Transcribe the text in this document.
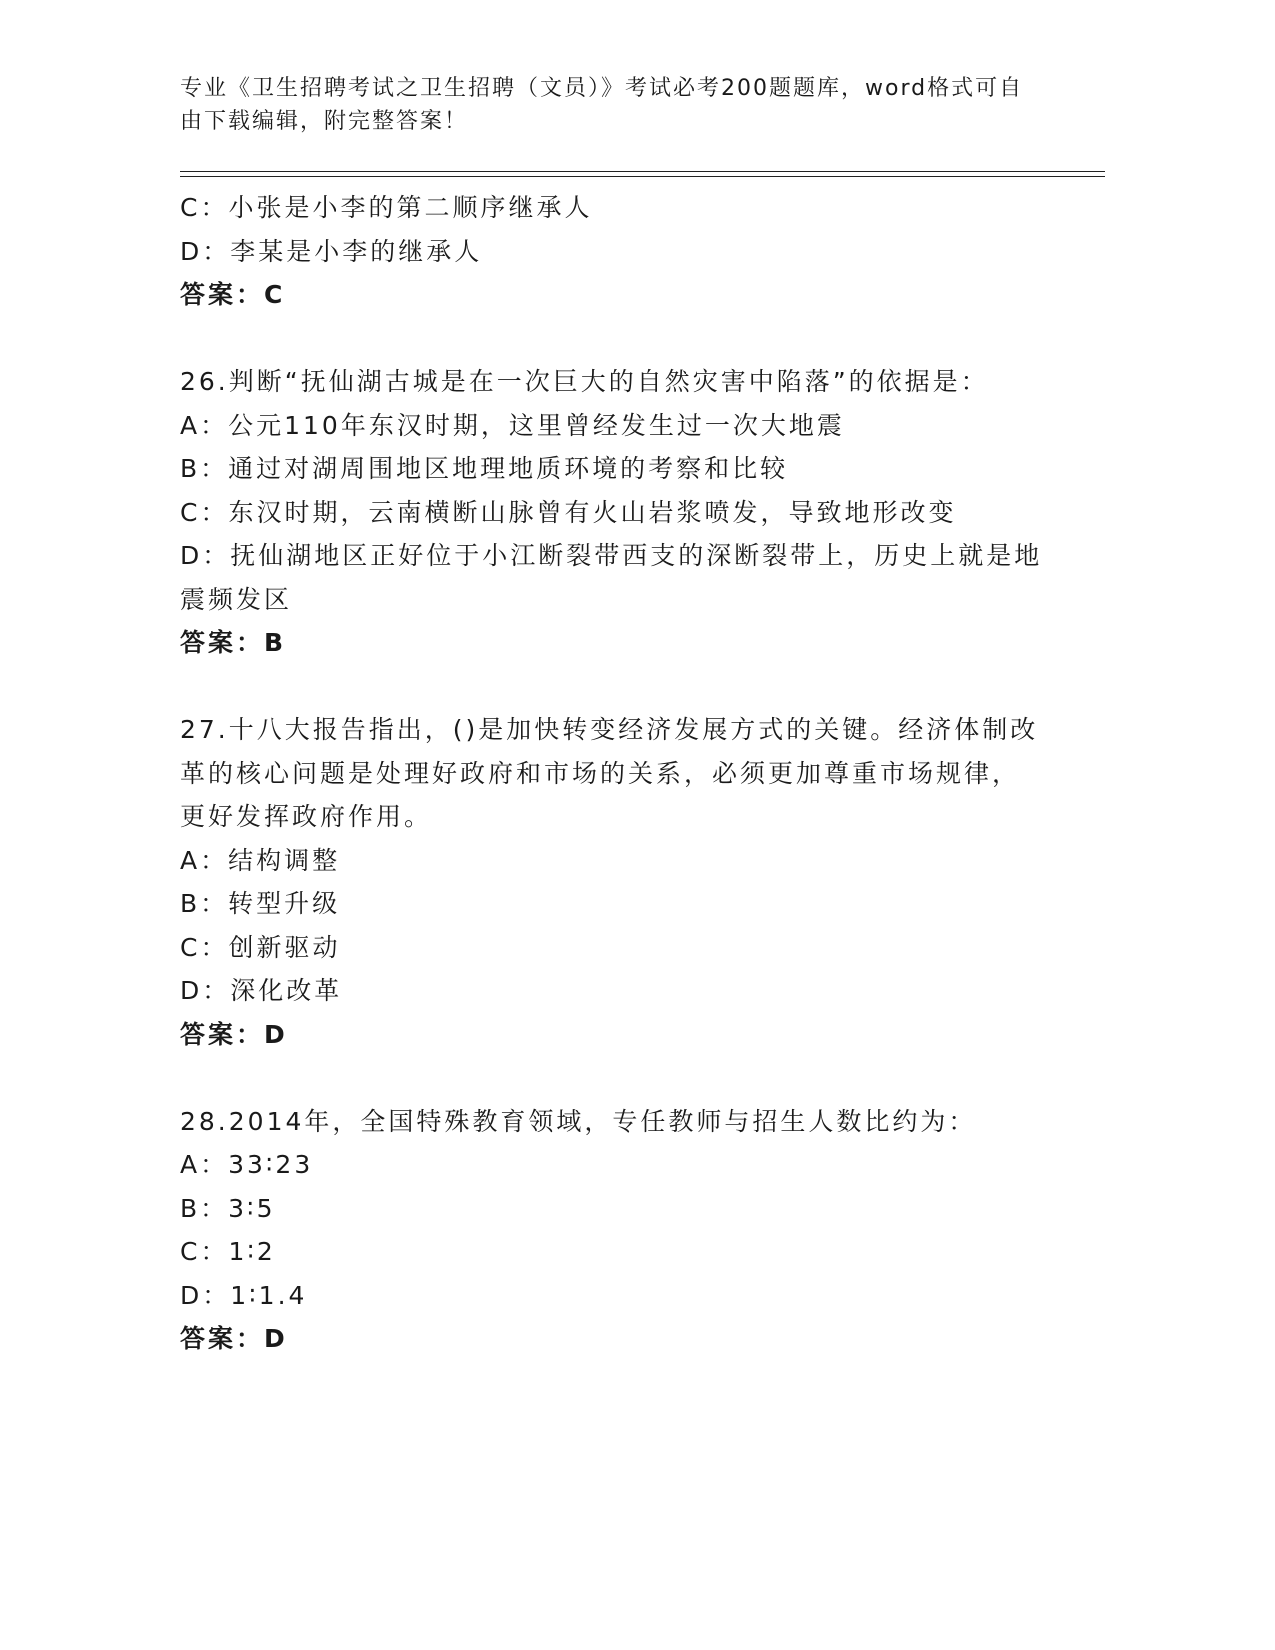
专业《卫生招聘考试之卫生招聘（文员）》考试必考200题题库，word格式可自
由下载编辑，附完整答案！
C：小张是小李的第二顺序继承人
D：李某是小李的继承人
答案：C
26.判断“抚仙湖古城是在一次巨大的自然灾害中陷落”的依据是：
A：公元110年东汉时期，这里曾经发生过一次大地震
B：通过对湖周围地区地理地质环境的考察和比较
C：东汉时期，云南横断山脉曾有火山岩浆喷发，导致地形改变
D：抚仙湖地区正好位于小江断裂带西支的深断裂带上，历史上就是地
震频发区
答案：B
27.十八大报告指出，()是加快转变经济发展方式的关键。经济体制改
革的核心问题是处理好政府和市场的关系，必须更加尊重市场规律，
更好发挥政府作用。
A：结构调整
B：转型升级
C：创新驱动
D：深化改革
答案：D
28.2014年，全国特殊教育领域，专任教师与招生人数比约为：
A：33∶23
B：3∶5
C：1∶2
D：1∶1.4
答案：D
